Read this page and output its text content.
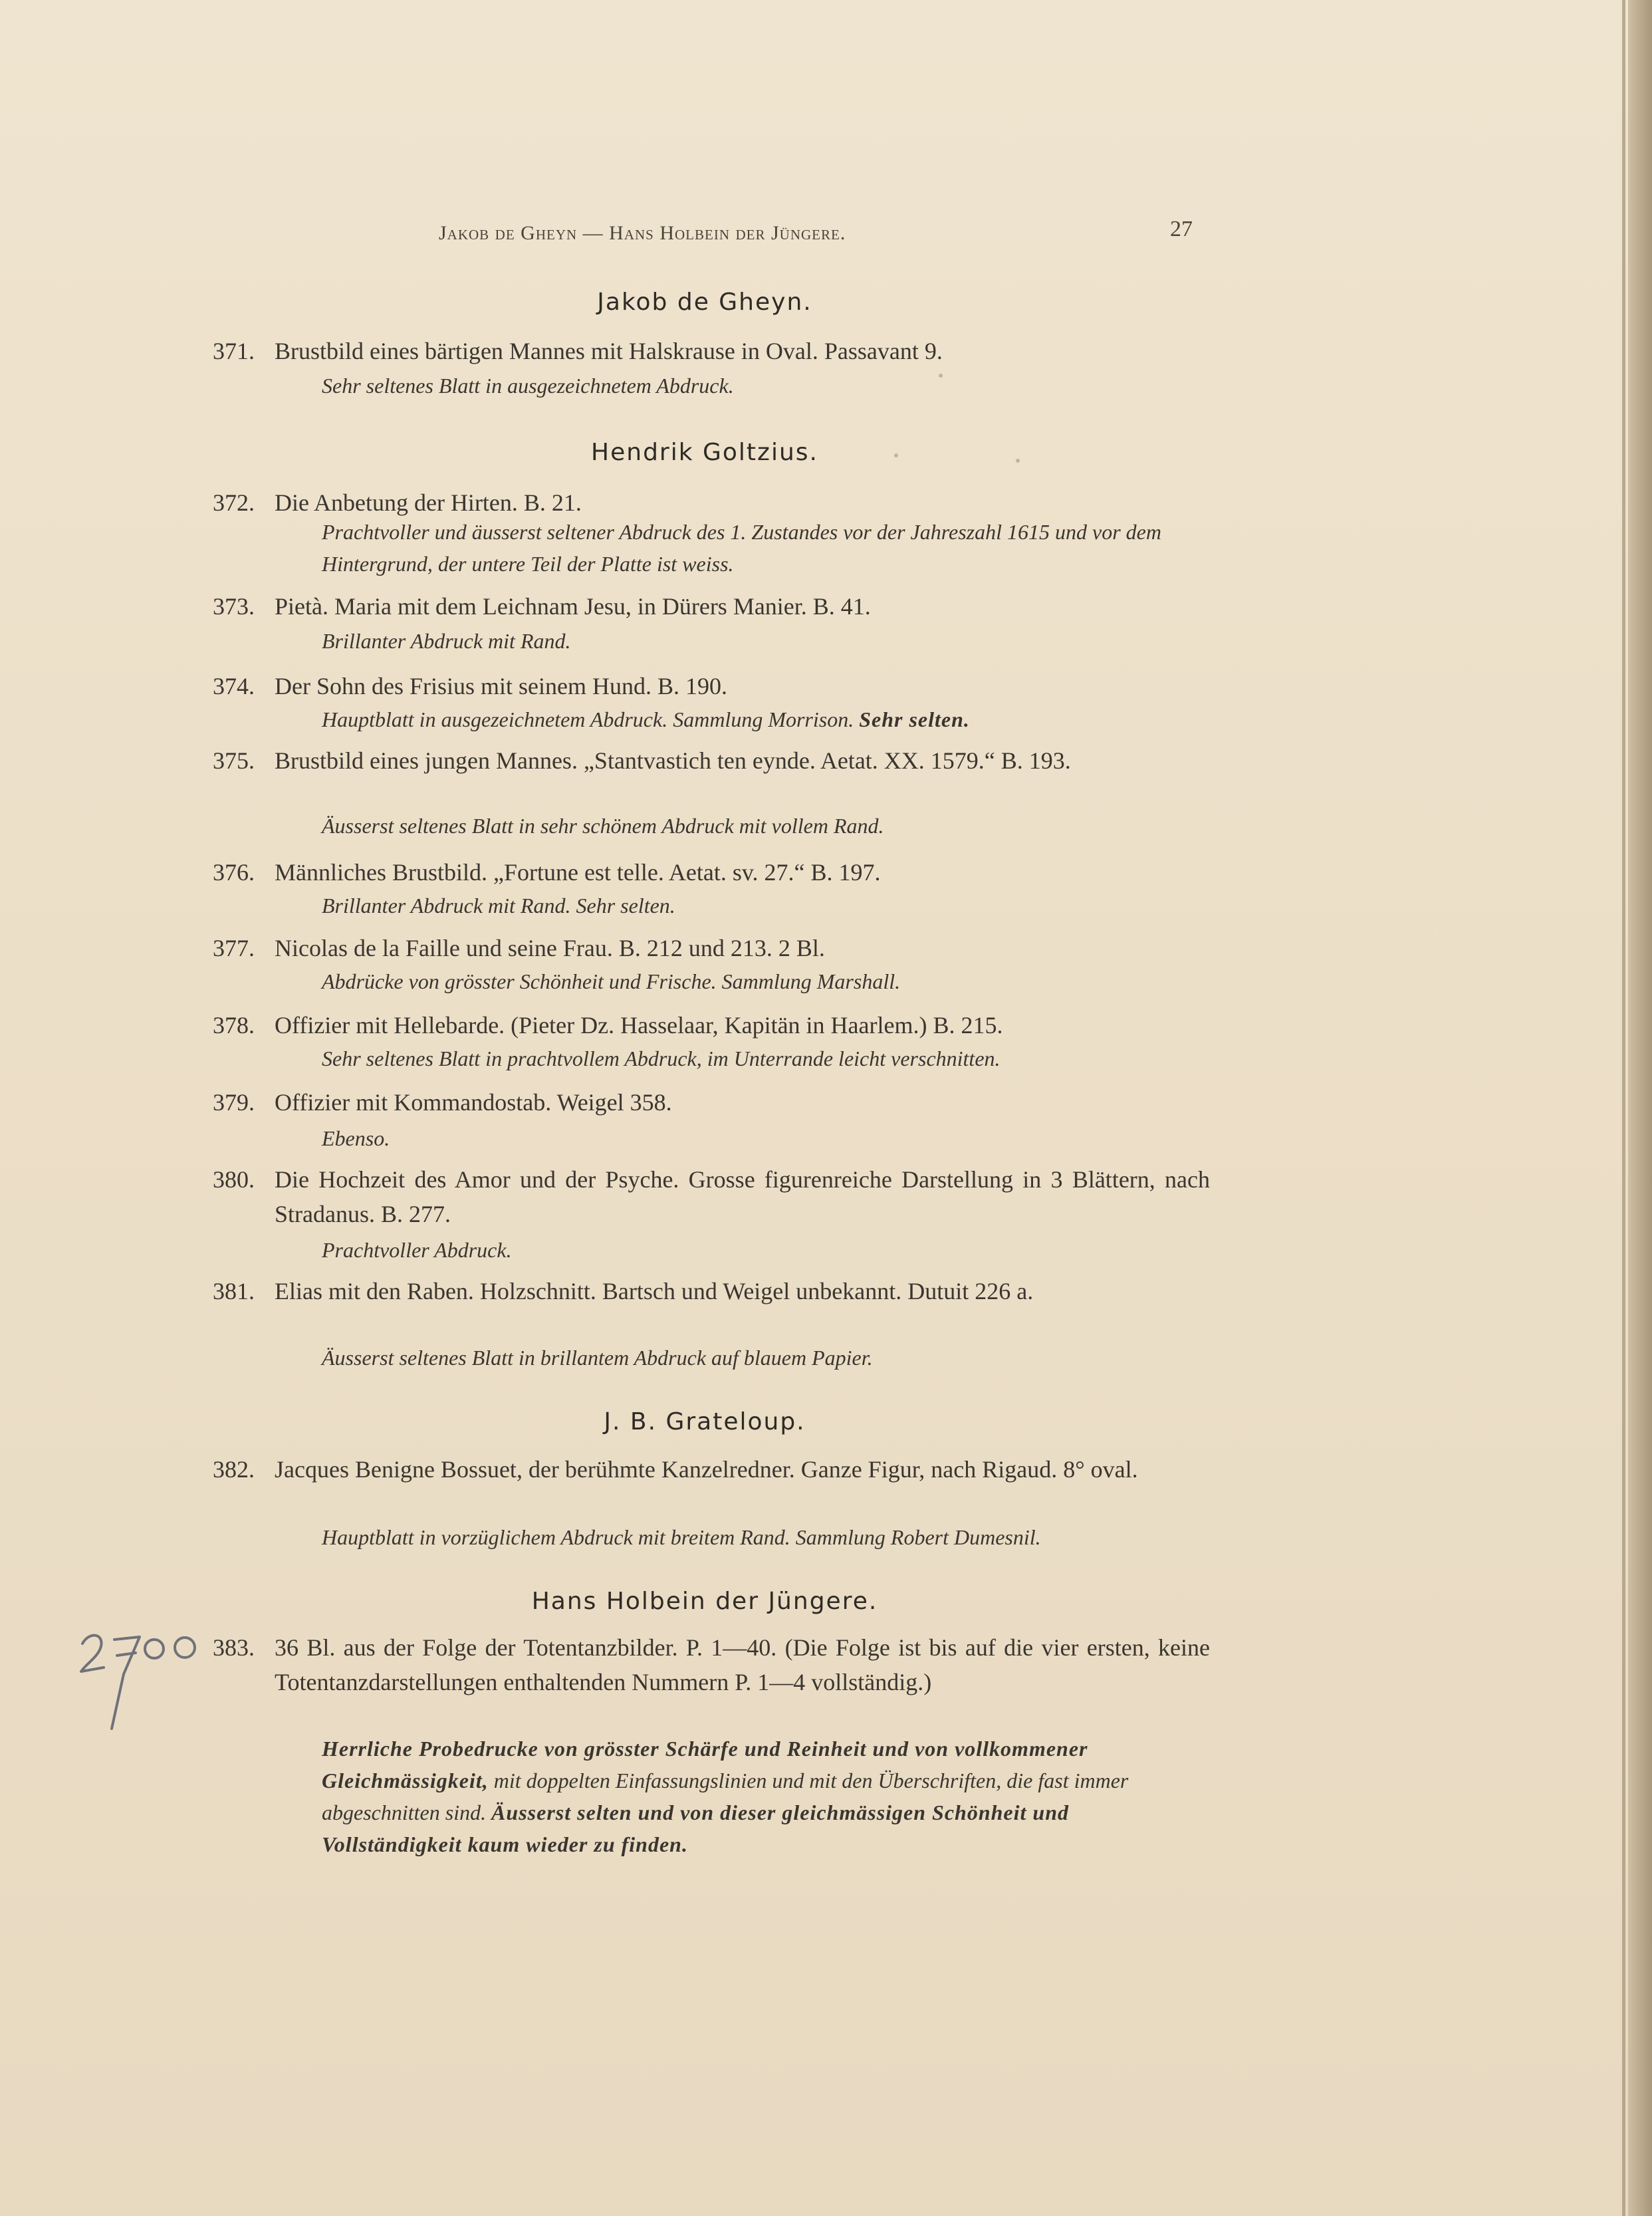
Jakob de Gheyn — Hans Holbein der Jüngere.	27
Jakob de Gheyn.
371. Brustbild eines bärtigen Mannes mit Halskrause in Oval. Passavant 9.
Sehr seltenes Blatt in ausgezeichnetem Abdruck.
Hendrik Goltzius.
372. Die Anbetung der Hirten. B. 21.
Prachtvoller und äusserst seltener Abdruck des 1. Zustandes vor der Jahreszahl 1615 und vor dem Hintergrund, der untere Teil der Platte ist weiss.
373. Pietà. Maria mit dem Leichnam Jesu, in Dürers Manier. B. 41.
Brillanter Abdruck mit Rand.
374. Der Sohn des Frisius mit seinem Hund. B. 190.
Hauptblatt in ausgezeichnetem Abdruck. Sammlung Morrison. Sehr selten.
375. Brustbild eines jungen Mannes. „Stantvastich ten eynde. Aetat. XX. 1579.“ B. 193.
Äusserst seltenes Blatt in sehr schönem Abdruck mit vollem Rand.
376. Männliches Brustbild. „Fortune est telle. Aetat. sv. 27.“ B. 197.
Brillanter Abdruck mit Rand. Sehr selten.
377. Nicolas de la Faille und seine Frau. B. 212 und 213. 2 Bl.
Abdrücke von grösster Schönheit und Frische. Sammlung Marshall.
378. Offizier mit Hellebarde. (Pieter Dz. Hasselaar, Kapitän in Haarlem.) B. 215.
Sehr seltenes Blatt in prachtvollem Abdruck, im Unterrande leicht verschnitten.
379. Offizier mit Kommandostab. Weigel 358.
Ebenso.
380. Die Hochzeit des Amor und der Psyche. Grosse figurenreiche Darstellung in 3 Blättern, nach Stradanus. B. 277.
Prachtvoller Abdruck.
381. Elias mit den Raben. Holzschnitt. Bartsch und Weigel unbekannt. Dutuit 226 a.
Äusserst seltenes Blatt in brillantem Abdruck auf blauem Papier.
J. B. Grateloup.
382. Jacques Benigne Bossuet, der berühmte Kanzelredner. Ganze Figur, nach Rigaud. 8° oval.
Hauptblatt in vorzüglichem Abdruck mit breitem Rand. Sammlung Robert Dumesnil.
Hans Holbein der Jüngere.
383. 36 Bl. aus der Folge der Totentanzbilder. P. 1—40. (Die Folge ist bis auf die vier ersten, keine Totentanzdarstellungen enthaltenden Nummern P. 1—4 vollständig.)
Herrliche Probedrucke von grösster Schärfe und Reinheit und von vollkommener Gleichmässigkeit, mit doppelten Einfassungslinien und mit den Überschriften, die fast immer abgeschnitten sind. Äusserst selten und von dieser gleichmässigen Schönheit und Vollständigkeit kaum wieder zu finden.
